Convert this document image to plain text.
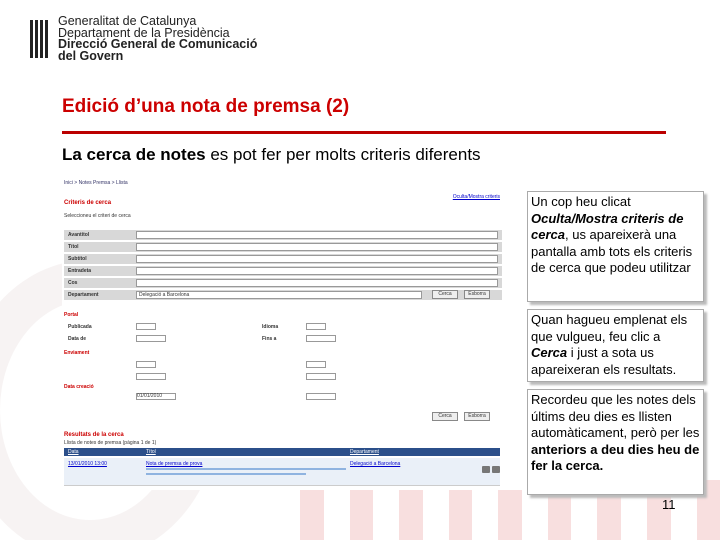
Generalitat de Catalunya
Departament de la Presidència
Direcció General de Comunicació
del Govern
Edició d’una nota de premsa (2)
La cerca de notes es pot fer per molts criteris diferents
Inici > Notes Premsa > Llista
Oculta/Mostra criteris
Criteris de cerca
Seleccioneu el criteri de cerca
Avantitol
Títol
Subtítol
Entradeta
Cos
Departament	Delegació a Barcelona	Cerca	Esborra
Portal
Publicada	Idioma
Data de	Fins a
Enviament
Data creació
01/01/2010
Cerca	Esborra
Resultats de la cerca
Llista de notes de premsa (pàgina 1 de 1)
Data	Títol	Departament
13/01/2010 13:00	Nota de premsa de prova	Delegació a Barcelona
Un cop heu clicat Oculta/Mostra criteris de cerca, us apareixerà una pantalla amb tots els criteris de cerca que podeu utilitzar
Quan hagueu emplenat els que vulgueu, feu clic a Cerca i just a sota us apareixeran els resultats.
Recordeu que les notes dels últims deu dies es llisten automàticament, però per les anteriors a deu dies heu de fer la cerca.
11
